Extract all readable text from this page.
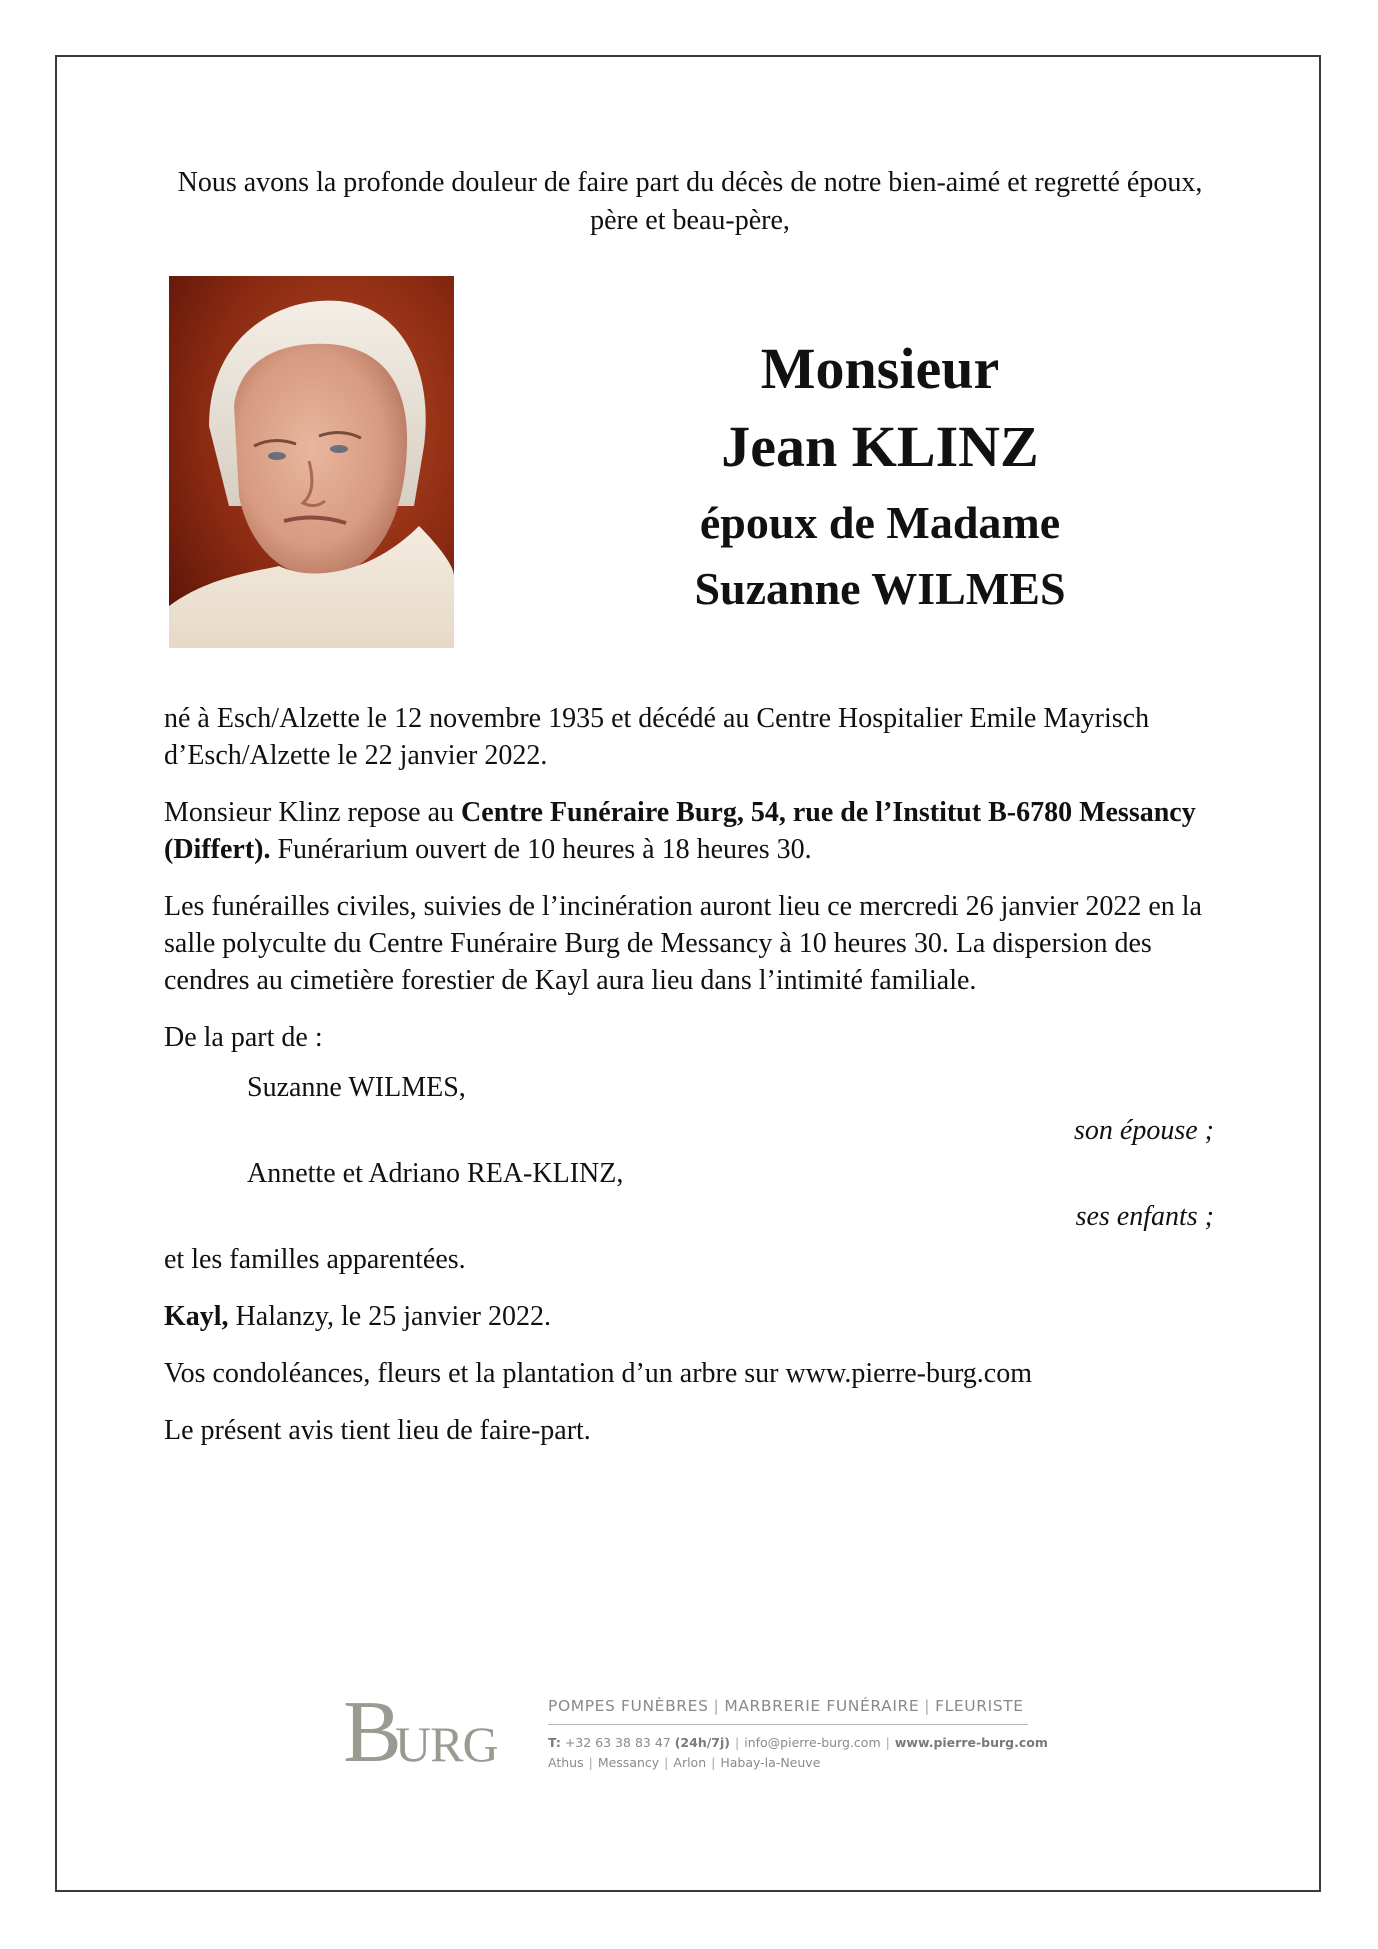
Nous avons la profonde douleur de faire part du décès de notre bien-aimé et regretté époux, père et beau-père,
Monsieur
Jean KLINZ
époux de Madame
Suzanne WILMES

né à Esch/Alzette le 12 novembre 1935 et décédé au Centre Hospitalier Emile Mayrisch d’Esch/Alzette le 22 janvier 2022.

Monsieur Klinz repose au Centre Funéraire Burg, 54, rue de l’Institut B-6780 Messancy (Differt). Funérarium ouvert de 10 heures à 18 heures 30.

Les funérailles civiles, suivies de l’incinération auront lieu ce mercredi 26 janvier 2022 en la salle polyculte du Centre Funéraire Burg de Messancy à 10 heures 30. La dispersion des cendres au cimetière forestier de Kayl aura lieu dans l’intimité familiale.

De la part de :

Suzanne WILMES,

son épouse ;

Annette et Adriano REA-KLINZ,

ses enfants ;

et les familles apparentées.

Kayl, Halanzy, le 25 janvier 2022.

Vos condoléances, fleurs et la plantation d’un arbre sur www.pierre-burg.com

Le présent avis tient lieu de faire-part.

B
URG
POMPES FUNÈBRES | MARBRERIE FUNÉRAIRE | FLEURISTE
T: +32 63 38 83 47 (24h/7j) | info@pierre-burg.com | www.pierre-burg.com
Athus | Messancy | Arlon | Habay-la-Neuve
